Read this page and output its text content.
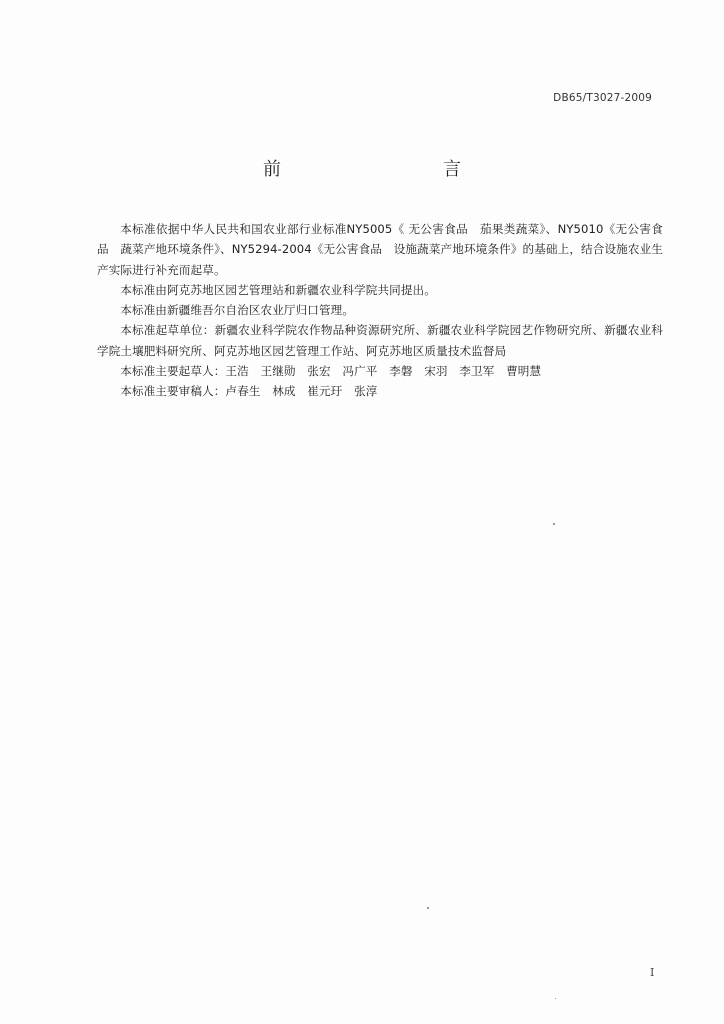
DB65/T3027-2009
前　　言

本标准依据中华人民共和国农业部行业标准NY5005《 无公害食品　茄果类蔬菜》、NY5010《无公害食品　蔬菜产地环境条件》、NY5294-2004《无公害食品　设施蔬菜产地环境条件》的基础上，结合设施农业生产实际进行补充而起草。

本标准由阿克苏地区园艺管理站和新疆农业科学院共同提出。

本标准由新疆维吾尔自治区农业厅归口管理。

本标准起草单位：新疆农业科学院农作物品种资源研究所、新疆农业科学院园艺作物研究所、新疆农业科学院土壤肥料研究所、阿克苏地区园艺管理工作站、阿克苏地区质量技术监督局

本标准主要起草人：王浩　王继勋　张宏　冯广平　李磐　宋羽　李卫军　曹明慧

本标准主要审稿人：卢春生　林成　崔元玗　张淳

I
